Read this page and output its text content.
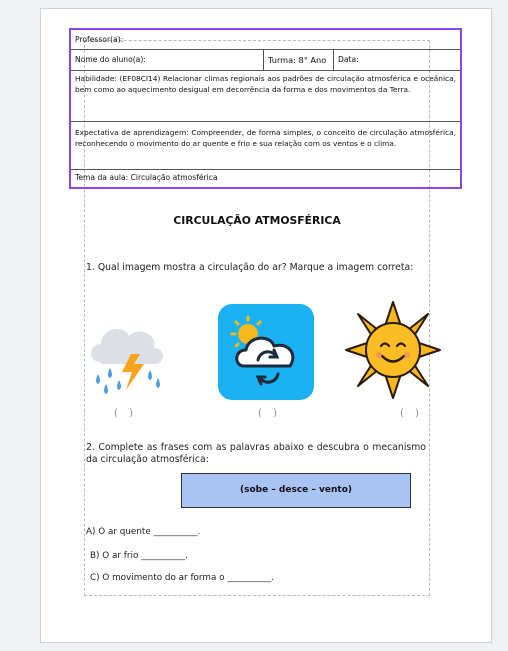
Professor(a):
Nome do aluno(a):	Turma: 8° Ano	Data:
Habilidade: (EF08CI14) Relacionar climas regionais aos padrões de circulação atmosférica e oceânica, bem como ao aquecimento desigual em decorrência da forma e dos movimentos da Terra.
Expectativa de aprendizagem: Compreender, de forma simples, o conceito de circulação atmosférica, reconhecendo o movimento do ar quente e frio e sua relação com os ventos e o clima.
Tema da aula: Circulação atmosférica
CIRCULAÇÃO ATMOSFÉRICA
1. Qual imagem mostra a circulação do ar? Marque a imagem correta:
( )	( )	( )
2. Complete as frases com as palavras abaixo e descubra o mecanismo da circulação atmosférica:
(sobe – desce – vento)
A) O ar quente __________.
B) O ar frio __________.
C) O movimento do ar forma o __________.
